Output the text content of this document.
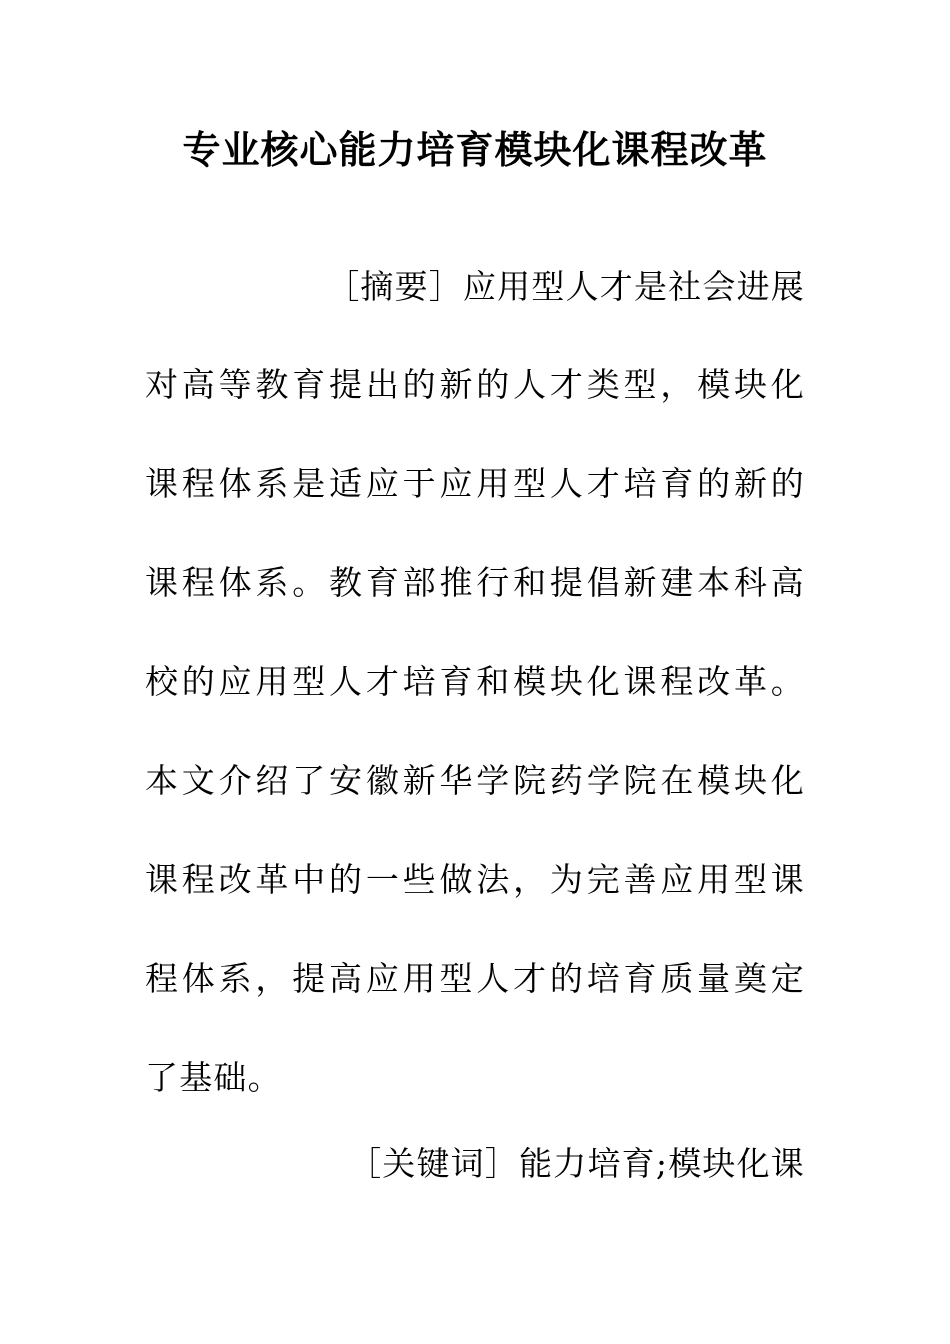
专业核心能力培育模块化课程改革
［摘要］应用型人才是社会进展
对高等教育提出的新的人才类型，模块化
课程体系是适应于应用型人才培育的新的
课程体系。教育部推行和提倡新建本科高
校的应用型人才培育和模块化课程改革。
本文介绍了安徽新华学院药学院在模块化
课程改革中的一些做法，为完善应用型课
程体系，提高应用型人才的培育质量奠定
了基础。
［关键词］能力培育;模块化课
